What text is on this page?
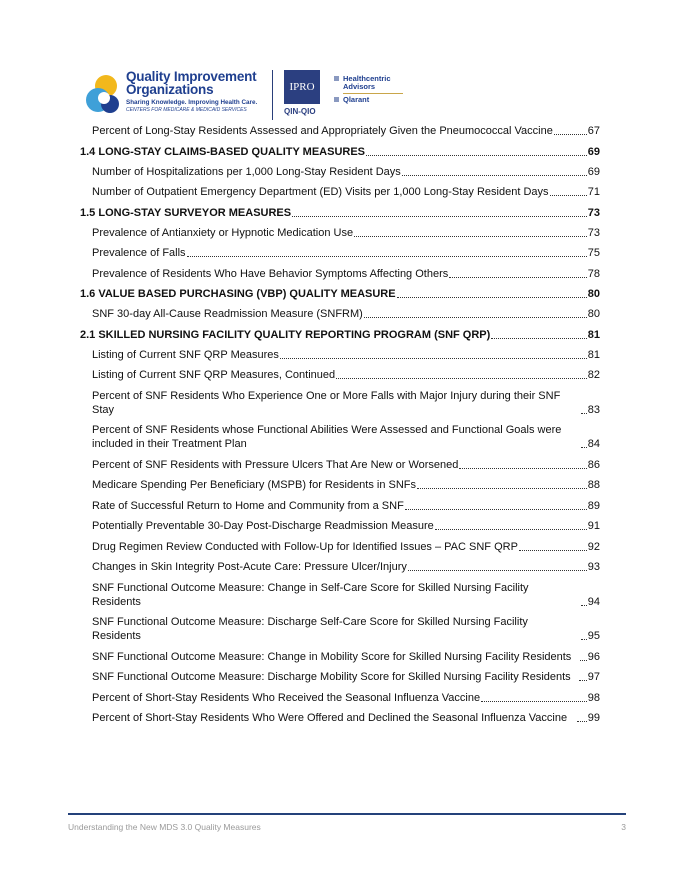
Quality Improvement
Organizations
Sharing Knowledge. Improving Health Care.
CENTERS FOR MEDICARE & MEDICAID SERVICES
IPRO
QIN-QIO
Healthcentric Advisors
Qlarant
Percent of Long-Stay Residents Assessed and Appropriately Given the Pneumococcal Vaccine	67
1.4 LONG-STAY CLAIMS-BASED QUALITY MEASURES	69
Number of Hospitalizations per 1,000 Long-Stay Resident Days	69
Number of Outpatient Emergency Department (ED) Visits per 1,000 Long-Stay Resident Days	71
1.5 LONG-STAY SURVEYOR MEASURES	73
Prevalence of Antianxiety or Hypnotic Medication Use	73
Prevalence of Falls	75
Prevalence of Residents Who Have Behavior Symptoms Affecting Others	78
1.6 VALUE BASED PURCHASING (VBP) QUALITY MEASURE	80
SNF 30-day All-Cause Readmission Measure (SNFRM)	80
2.1 SKILLED NURSING FACILITY QUALITY REPORTING PROGRAM (SNF QRP)	81
Listing of Current SNF QRP Measures	81
Listing of Current SNF QRP Measures, Continued	82
Percent of SNF Residents Who Experience One or More Falls with Major Injury during their SNF Stay	83
Percent of SNF Residents whose Functional Abilities Were Assessed and Functional Goals were included in their Treatment Plan	84
Percent of SNF Residents with Pressure Ulcers That Are New or Worsened	86
Medicare Spending Per Beneficiary (MSPB) for Residents in SNFs	88
Rate of Successful Return to Home and Community from a SNF	89
Potentially Preventable 30-Day Post-Discharge Readmission Measure	91
Drug Regimen Review Conducted with Follow-Up for Identified Issues – PAC SNF QRP	92
Changes in Skin Integrity Post-Acute Care: Pressure Ulcer/Injury	93
SNF Functional Outcome Measure: Change in Self-Care Score for Skilled Nursing Facility Residents	94
SNF Functional Outcome Measure: Discharge Self-Care Score for Skilled Nursing Facility Residents	95
SNF Functional Outcome Measure: Change in Mobility Score for Skilled Nursing Facility Residents	96
SNF Functional Outcome Measure: Discharge Mobility Score for Skilled Nursing Facility Residents	97
Percent of Short-Stay Residents Who Received the Seasonal Influenza Vaccine	98
Percent of Short-Stay Residents Who Were Offered and Declined the Seasonal Influenza Vaccine	99
Understanding the New MDS 3.0 Quality Measures	3
